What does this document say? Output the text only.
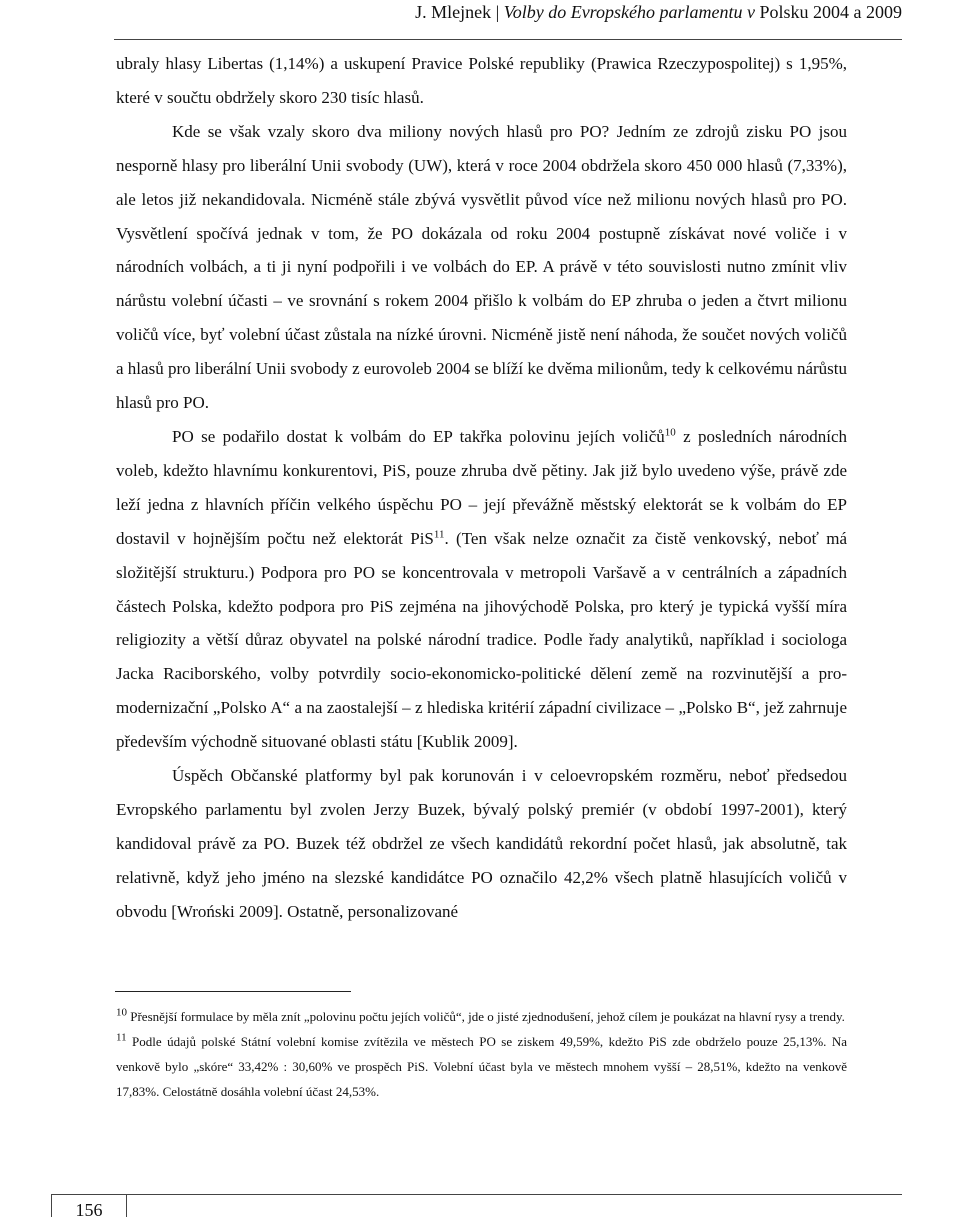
J. Mlejnek | Volby do Evropského parlamentu v Polsku 2004 a 2009

ubraly hlasy Libertas (1,14%) a uskupení Pravice Polské republiky (Prawica Rzeczypospolitej) s 1,95%, které v součtu obdržely skoro 230 tisíc hlasů.

Kde se však vzaly skoro dva miliony nových hlasů pro PO? Jedním ze zdrojů zisku PO jsou nesporně hlasy pro liberální Unii svobody (UW), která v roce 2004 obdržela skoro 450 000 hlasů (7,33%), ale letos již nekandidovala. Nicméně stále zbývá vysvětlit původ více než milionu nových hlasů pro PO. Vysvětlení spočívá jednak v tom, že PO dokázala od roku 2004 postupně získávat nové voliče i v národních volbách, a ti ji nyní podpořili i ve volbách do EP. A právě v této souvislosti nutno zmínit vliv nárůstu volební účasti – ve srovnání s rokem 2004 přišlo k volbám do EP zhruba o jeden a čtvrt milionu voličů více, byť volební účast zůstala na nízké úrovni. Nicméně jistě není náhoda, že součet nových voličů a hlasů pro liberální Unii svobody z eurovoleb 2004 se blíží ke dvěma milionům, tedy k celkovému nárůstu hlasů pro PO.

PO se podařilo dostat k volbám do EP takřka polovinu jejích voličů$^{10}$ z posledních národních voleb, kdežto hlavnímu konkurentovi, PiS, pouze zhruba dvě pětiny. Jak již bylo uvedeno výše, právě zde leží jedna z hlavních příčin velkého úspěchu PO – její převážně městský elektorát se k volbám do EP dostavil v hojnějším počtu než elektorát PiS$^{11}$. (Ten však nelze označit za čistě venkovský, neboť má složitější strukturu.) Podpora pro PO se koncentrovala v metropoli Varšavě a v centrálních a západních částech Polska, kdežto podpora pro PiS zejména na jihovýchodě Polska, pro který je typická vyšší míra religiozity a větší důraz obyvatel na polské národní tradice. Podle řady analytiků, například i sociologa Jacka Raciborského, volby potvrdily socio-ekonomicko-politické dělení země na rozvinutější a pro-modernizační „Polsko A“ a na zaostalejší – z hlediska kritérií západní civilizace – „Polsko B“, jež zahrnuje především východně situované oblasti státu [Kublik 2009].

Úspěch Občanské platformy byl pak korunován i v celoevropském rozměru, neboť předsedou Evropského parlamentu byl zvolen Jerzy Buzek, bývalý polský premiér (v období 1997-2001), který kandidoval právě za PO. Buzek též obdržel ze všech kandidátů rekordní počet hlasů, jak absolutně, tak relativně, když jeho jméno na slezské kandidátce PO označilo 42,2% všech platně hlasujících voličů v obvodu [Wroński 2009]. Ostatně, personalizované

$^{10}$ Přesnější formulace by měla znít „polovinu počtu jejích voličů“, jde o jisté zjednodušení, jehož cílem je poukázat na hlavní rysy a trendy.

$^{11}$ Podle údajů polské Státní volební komise zvítězila ve městech PO se ziskem 49,59%, kdežto PiS zde obdrželo pouze 25,13%. Na venkově bylo „skóre“ 33,42% : 30,60% ve prospěch PiS. Volební účast byla ve městech mnohem vyšší – 28,51%, kdežto na venkově 17,83%. Celostátně dosáhla volební účast 24,53%.

156
